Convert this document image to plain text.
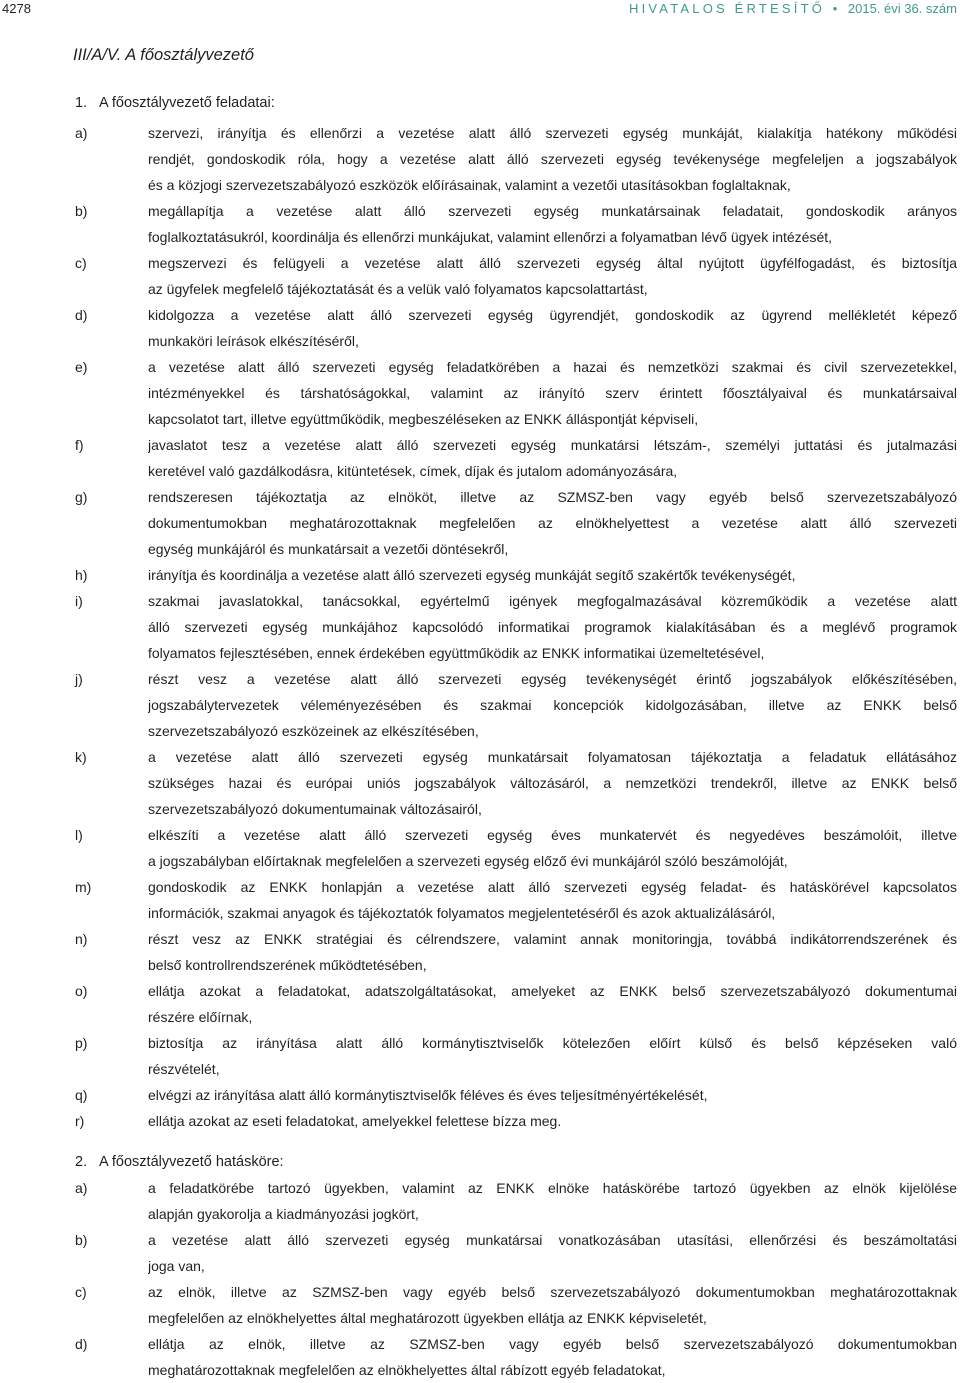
4278	HIVATALOS ÉRTESÍTŐ • 2015. évi 36. szám
III/A/V. A főosztályvezető
1. A főosztályvezető feladatai:
a)	szervezi, irányítja és ellenőrzi a vezetése alatt álló szervezeti egység munkáját, kialakítja hatékony működési
rendjét, gondoskodik róla, hogy a vezetése alatt álló szervezeti egység tevékenysége megfeleljen a jogszabályok
és a közjogi szervezetszabályozó eszközök előírásainak, valamint a vezetői utasításokban foglaltaknak,
b)	megállapítja a vezetése alatt álló szervezeti egység munkatársainak feladatait, gondoskodik arányos
foglalkoztatásukról, koordinálja és ellenőrzi munkájukat, valamint ellenőrzi a folyamatban lévő ügyek intézését,
c)	megszervezi és felügyeli a vezetése alatt álló szervezeti egység által nyújtott ügyfélfogadást, és biztosítja
az ügyfelek megfelelő tájékoztatását és a velük való folyamatos kapcsolattartást,
d)	kidolgozza a vezetése alatt álló szervezeti egység ügyrendjét, gondoskodik az ügyrend mellékletét képező
munkaköri leírások elkészítéséről,
e)	a vezetése alatt álló szervezeti egység feladatkörében a hazai és nemzetközi szakmai és civil szervezetekkel,
intézményekkel és társhatóságokkal, valamint az irányító szerv érintett főosztályaival és munkatársaival
kapcsolatot tart, illetve együttműködik, megbeszéléseken az ENKK álláspontját képviseli,
f)	javaslatot tesz a vezetése alatt álló szervezeti egység munkatársi létszám-, személyi juttatási és jutalmazási
keretével való gazdálkodásra, kitüntetések, címek, díjak és jutalom adományozására,
g)	rendszeresen tájékoztatja az elnököt, illetve az SZMSZ-ben vagy egyéb belső szervezetszabályozó
dokumentumokban meghatározottaknak megfelelően az elnökhelyettest a vezetése alatt álló szervezeti
egység munkájáról és munkatársait a vezetői döntésekről,
h)	irányítja és koordinálja a vezetése alatt álló szervezeti egység munkáját segítő szakértők tevékenységét,
i)	szakmai javaslatokkal, tanácsokkal, egyértelmű igények megfogalmazásával közreműködik a vezetése alatt
álló szervezeti egység munkájához kapcsolódó informatikai programok kialakításában és a meglévő programok
folyamatos fejlesztésében, ennek érdekében együttműködik az ENKK informatikai üzemeltetésével,
j)	részt vesz a vezetése alatt álló szervezeti egység tevékenységét érintő jogszabályok előkészítésében,
jogszabálytervezetek véleményezésében és szakmai koncepciók kidolgozásában, illetve az ENKK belső
szervezetszabályozó eszközeinek az elkészítésében,
k)	a vezetése alatt álló szervezeti egység munkatársait folyamatosan tájékoztatja a feladatuk ellátásához
szükséges hazai és európai uniós jogszabályok változásáról, a nemzetközi trendekről, illetve az ENKK belső
szervezetszabályozó dokumentumainak változásairól,
l)	elkészíti a vezetése alatt álló szervezeti egység éves munkatervét és negyedéves beszámolóit, illetve
a jogszabályban előírtaknak megfelelően a szervezeti egység előző évi munkájáról szóló beszámolóját,
m)	gondoskodik az ENKK honlapján a vezetése alatt álló szervezeti egység feladat- és hatáskörével kapcsolatos
információk, szakmai anyagok és tájékoztatók folyamatos megjelentetéséről és azok aktualizálásáról,
n)	részt vesz az ENKK stratégiai és célrendszere, valamint annak monitoringja, továbbá indikátorrendszerének és
belső kontrollrendszerének működtetésében,
o)	ellátja azokat a feladatokat, adatszolgáltatásokat, amelyeket az ENKK belső szervezetszabályozó dokumentumai
részére előírnak,
p)	biztosítja az irányítása alatt álló kormánytisztviselők kötelezően előírt külső és belső képzéseken való
részvételét,
q)	elvégzi az irányítása alatt álló kormánytisztviselők féléves és éves teljesítményértékelését,
r)	ellátja azokat az eseti feladatokat, amelyekkel felettese bízza meg.
2. A főosztályvezető hatásköre:
a)	a feladatkörébe tartozó ügyekben, valamint az ENKK elnöke hatáskörébe tartozó ügyekben az elnök kijelölése
alapján gyakorolja a kiadmányozási jogkört,
b)	a vezetése alatt álló szervezeti egység munkatársai vonatkozásában utasítási, ellenőrzési és beszámoltatási
joga van,
c)	az elnök, illetve az SZMSZ-ben vagy egyéb belső szervezetszabályozó dokumentumokban meghatározottaknak
megfelelően az elnökhelyettes által meghatározott ügyekben ellátja az ENKK képviseletét,
d)	ellátja az elnök, illetve az SZMSZ-ben vagy egyéb belső szervezetszabályozó dokumentumokban
meghatározottaknak megfelelően az elnökhelyettes által rábízott egyéb feladatokat,
